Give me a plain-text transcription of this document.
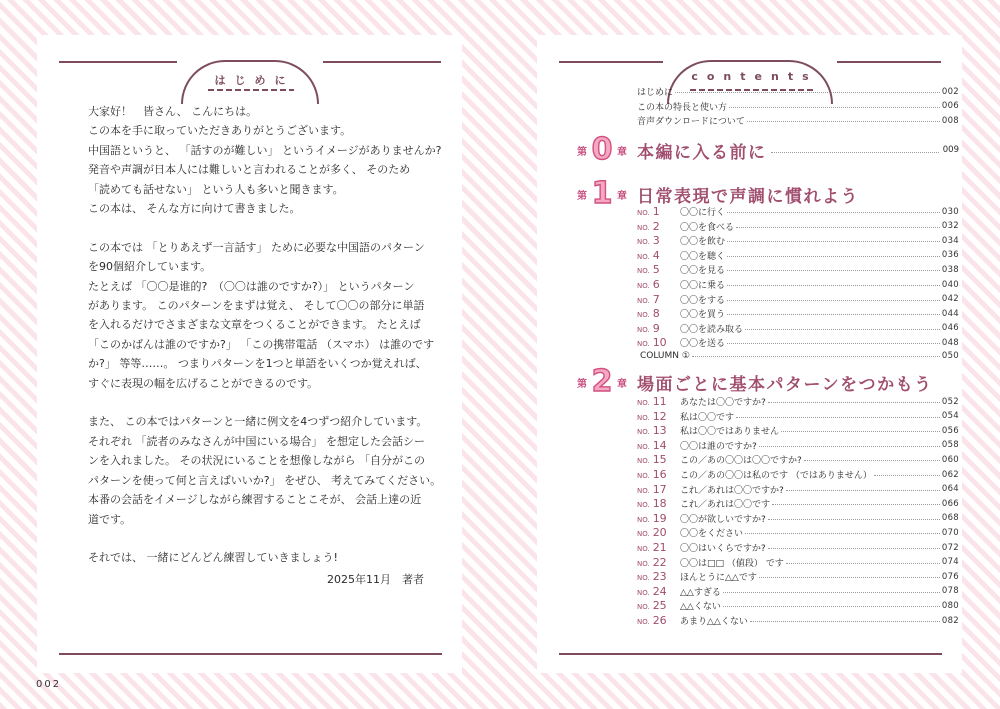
はじめに

大家好！　皆さん、 こんにちは。

この本を手に取っていただきありがとうございます。

中国語というと、 「話すのが難しい」 というイメージがありませんか?

発音や声調が日本人には難しいと言われることが多く、 そのため

「読めても話せない」 という人も多いと聞きます。

この本は、 そんな方に向けて書きました。

この本では 「とりあえず一言話す」 ために必要な中国語のパターン

を90個紹介しています。

たとえば 「〇〇是谁的?　（〇〇は誰のですか?）」 というパターン

があります。 このパターンをまずは覚え、 そして〇〇の部分に単語

を入れるだけでさまざまな文章をつくることができます。 たとえば

「このかばんは誰のですか?」 「この携帯電話 （スマホ） は誰のです

か?」 等等……。 つまりパターンを1つと単語をいくつか覚えれば、

すぐに表現の幅を広げることができるのです。

また、 この本ではパターンと一緒に例文を4つずつ紹介しています。

それぞれ 「読者のみなさんが中国にいる場合」 を想定した会話シー

ンを入れました。 その状況にいることを想像しながら 「自分がこの

パターンを使って何と言えばいいか?」 をぜひ、 考えてみてください。

本番の会話をイメージしながら練習することこそが、 会話上達の近

道です。

それでは、 一緒にどんどん練習していきましょう!

2025年11月　著者
002
contents
はじめに	002
この本の特長と使い方	006
音声ダウンロードについて	008
第 0 章 本編に入る前に	009
第 1 章 日常表現で声調に慣れよう
NO. 1	〇〇に行く	030
NO. 2	〇〇を食べる	032
NO. 3	〇〇を飲む	034
NO. 4	〇〇を聴く	036
NO. 5	〇〇を見る	038
NO. 6	〇〇に乗る	040
NO. 7	〇〇をする	042
NO. 8	〇〇を買う	044
NO. 9	〇〇を読み取る	046
NO. 10	〇〇を送る	048
COLUMN ①	050
第 2 章 場面ごとに基本パターンをつかもう
NO. 11	あなたは〇〇ですか?	052
NO. 12	私は〇〇です	054
NO. 13	私は〇〇ではありません	056
NO. 14	〇〇は誰のですか?	058
NO. 15	この／あの〇〇は〇〇ですか?	060
NO. 16	この／あの〇〇は私のです （ではありません）	062
NO. 17	これ／あれは〇〇ですか?	064
NO. 18	これ／あれは〇〇です	066
NO. 19	〇〇が欲しいですか?	068
NO. 20	〇〇をください	070
NO. 21	〇〇はいくらですか?	072
NO. 22	〇〇は□□ （値段） です	074
NO. 23	ほんとうに△△です	076
NO. 24	△△すぎる	078
NO. 25	△△くない	080
NO. 26	あまり△△くない	082
